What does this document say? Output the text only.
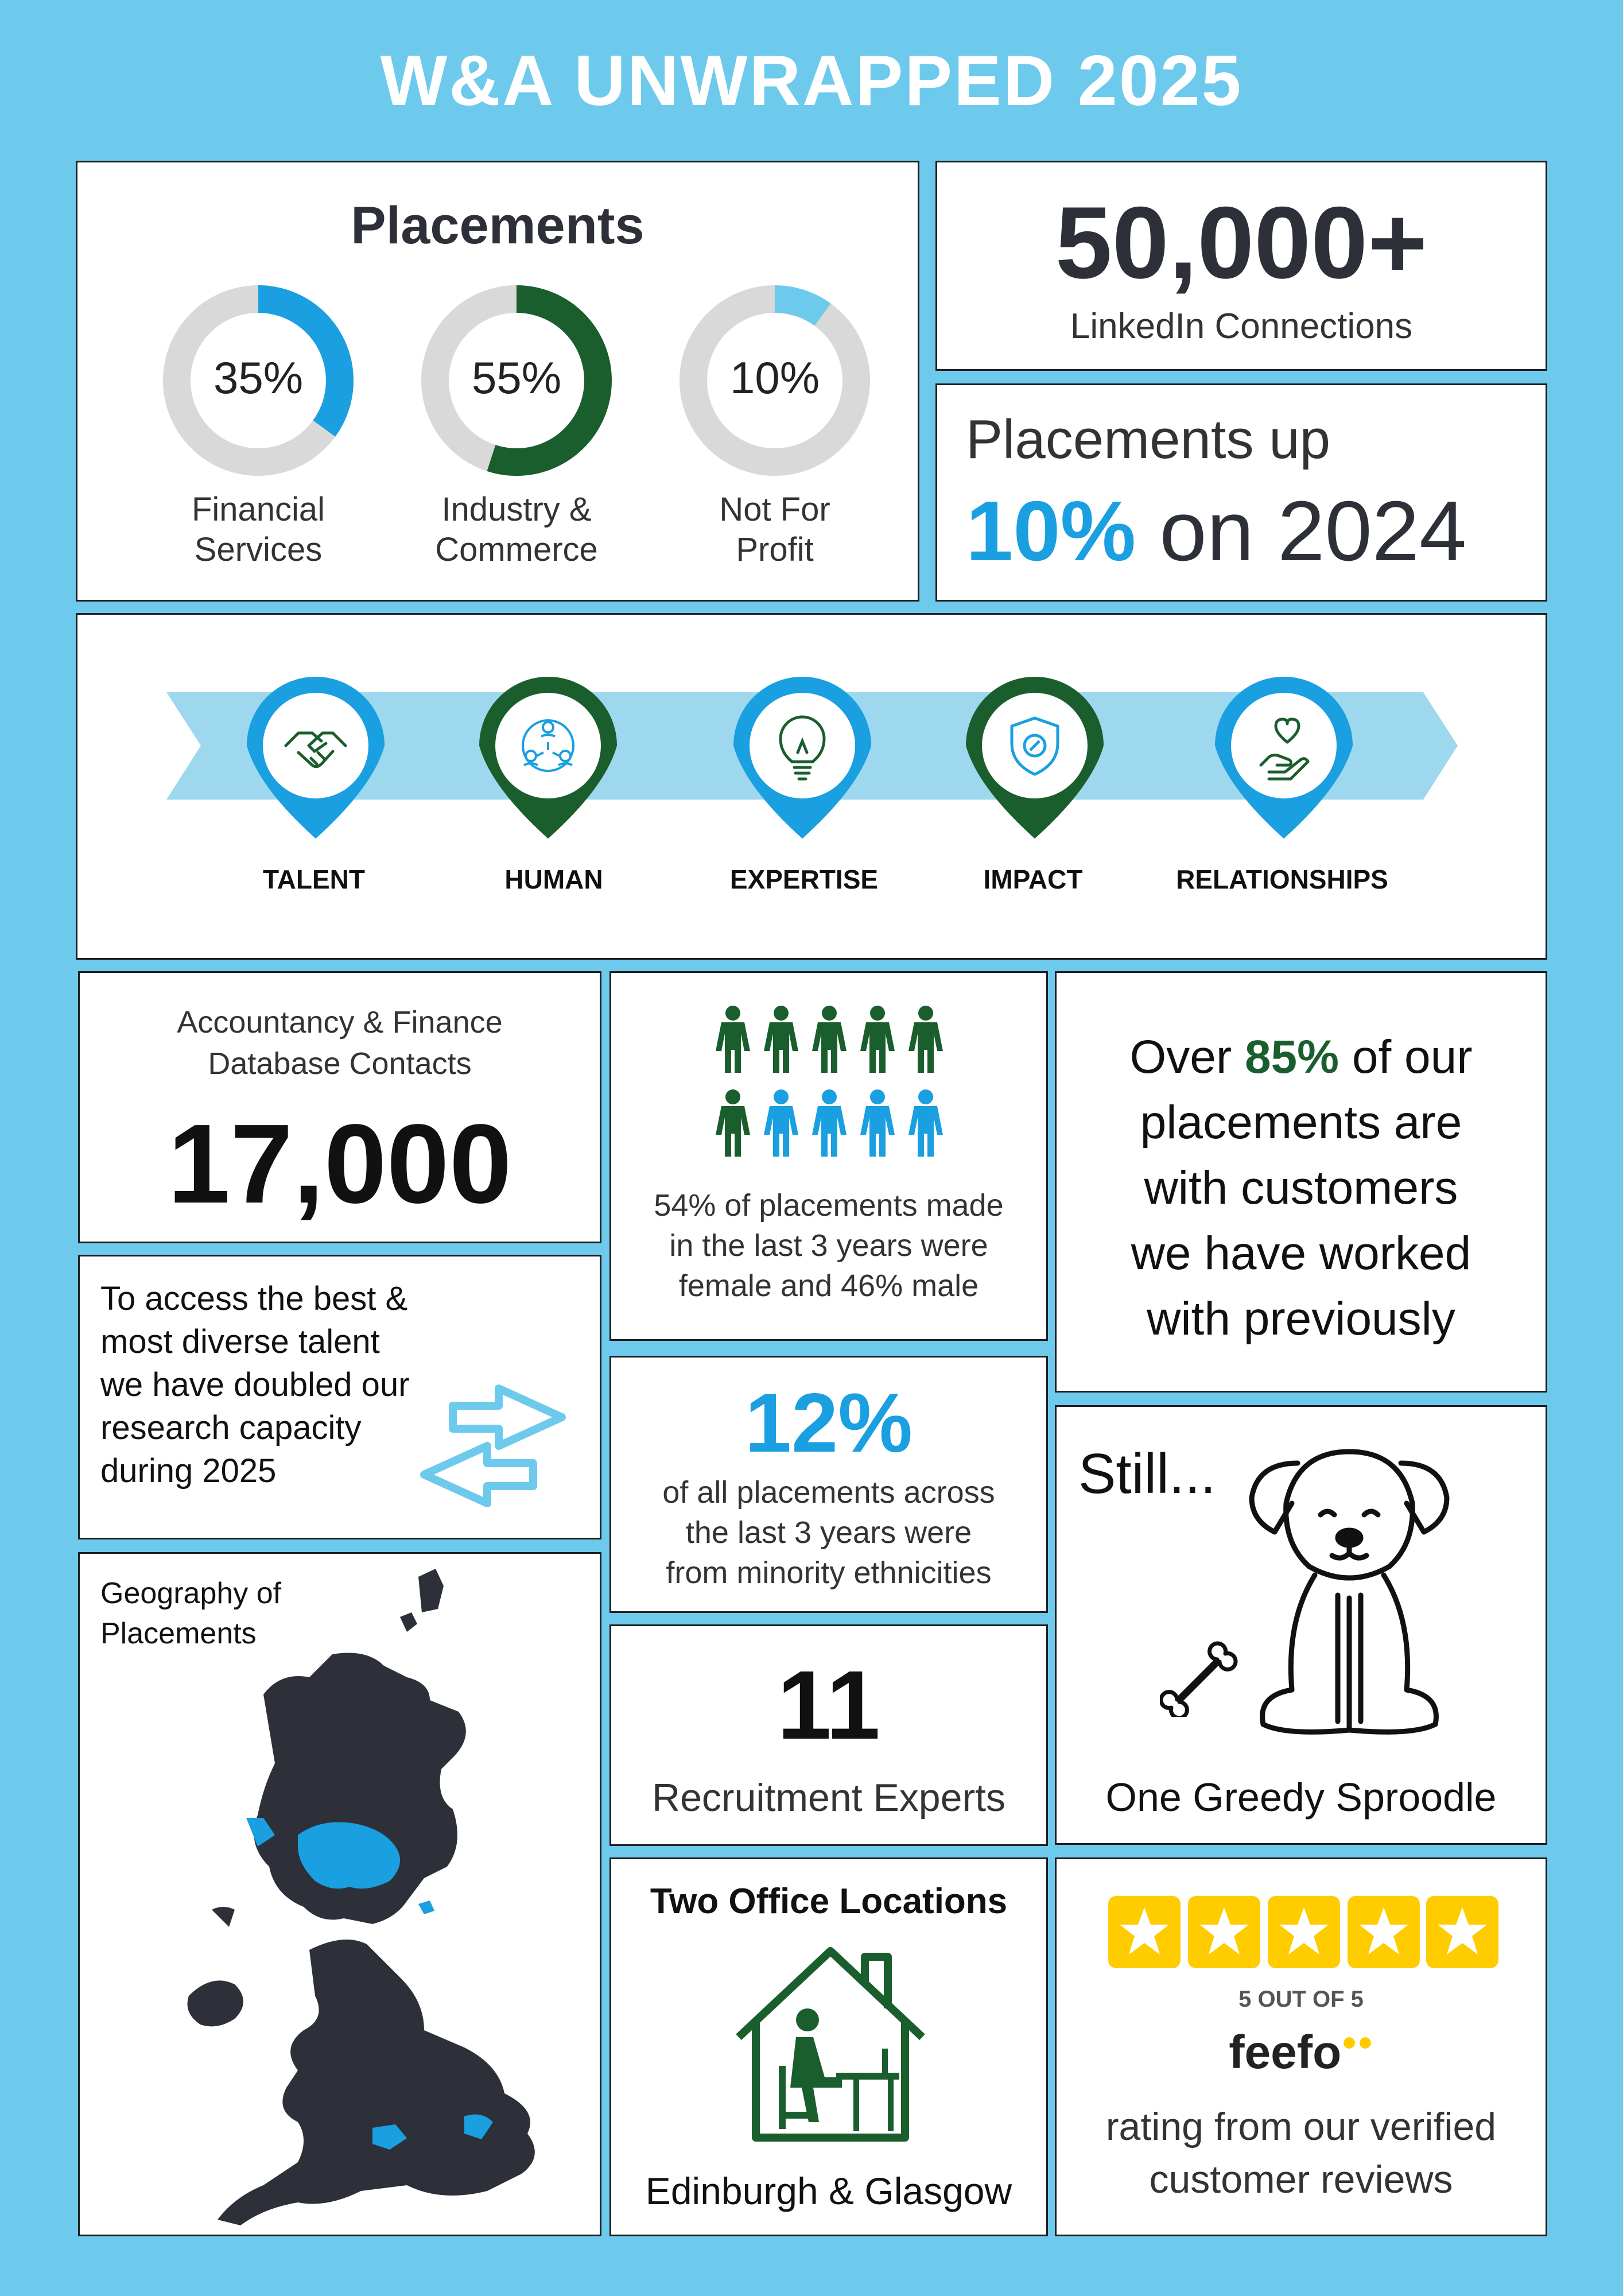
W&A UNWRAPPED 2025
Placements
35%
Financial
Services
55%
Industry &
Commerce
10%
Not For
Profit
50,000+
LinkedIn Connections
Placements up
10% on 2024
TALENT	HUMAN	EXPERTISE	IMPACT	RELATIONSHIPS
Accountancy & Finance
Database Contacts
17,000	54% of placements made
in the last 3 years were
female and 46% male
Over 85% of our
placements are
with customers
we have worked
with previously
To access the best &
most diverse talent
we have doubled our
research capacity
during 2025
12%
of all placements across
the last 3 years were
from minority ethnicities
Still...
One Greedy Sproodle
Geography of
Placements
11
Recruitment Experts
Two Office Locations
Edinburgh & Glasgow
5 OUT OF 5
feefo●●
rating from our verified
customer reviews
